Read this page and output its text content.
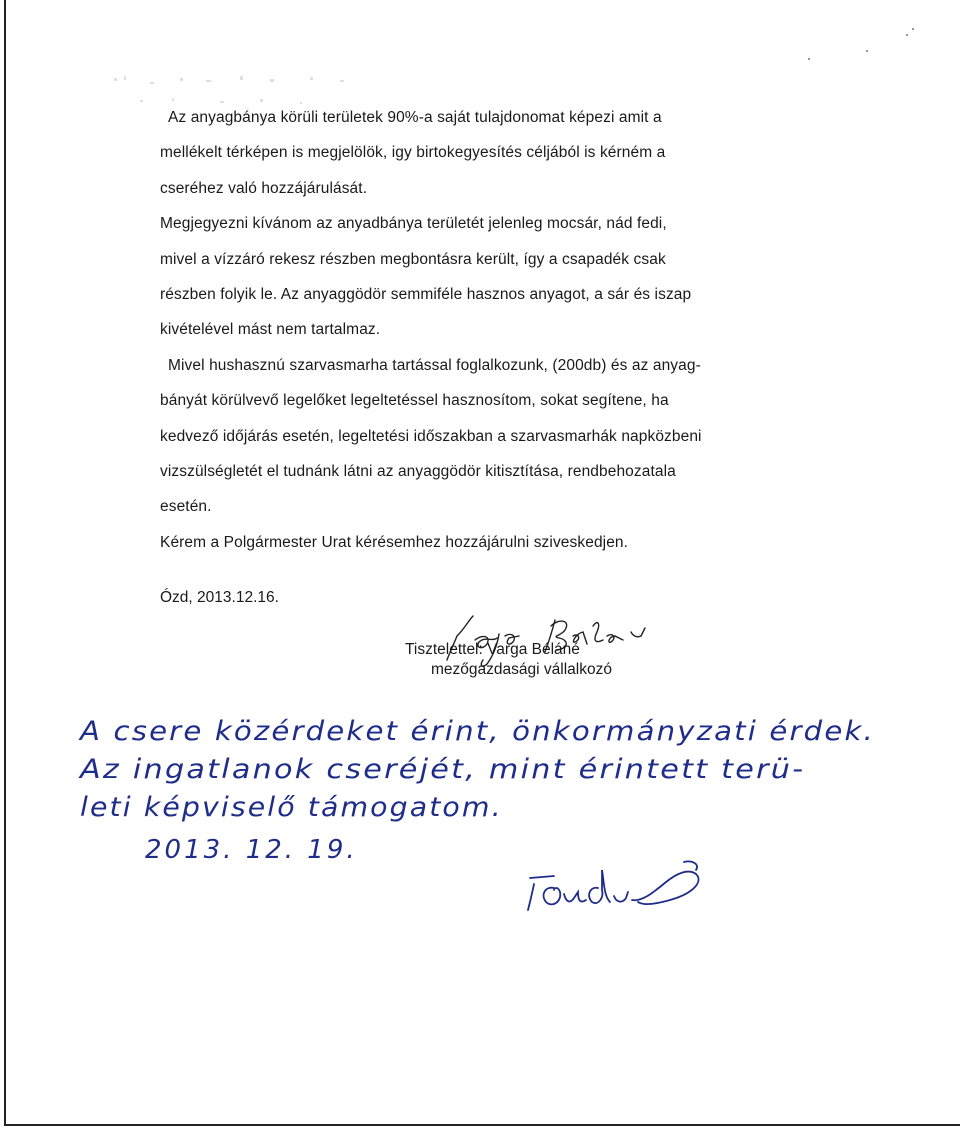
Az anyagbánya körüli területek 90%-a saját tulajdonomat képezi amit a
mellékelt térképen is megjelölök, igy birtokegyesítés céljából is kérném a
cseréhez való hozzájárulását.
Megjegyezni kívánom az anyadbánya területét jelenleg mocsár, nád fedi,
mivel a vízzáró rekesz részben megbontásra került, így a csapadék csak
részben folyik le. Az anyaggödör semmiféle hasznos anyagot, a sár és iszap
kivételével mást nem tartalmaz.
Mivel hushasznú szarvasmarha tartással foglalkozunk, (200db) és az anyag-
bányát körülvevő legelőket legeltetéssel hasznosítom, sokat segítene, ha
kedvező időjárás esetén, legeltetési időszakban a szarvasmarhák napközbeni
vizszülségletét el tudnánk látni az anyaggödör kitisztítása, rendbehozatala
esetén.
Kérem a Polgármester Urat kérésemhez hozzájárulni sziveskedjen.
Ózd, 2013.12.16.
Tisztelettel: Varga Béláné
mezőgazdasági vállalkozó
A csere közérdeket érint, önkormányzati érdek.
Az ingatlanok cseréjét, mint érintett terü-
leti képviselő támogatom.
2013. 12. 19.
